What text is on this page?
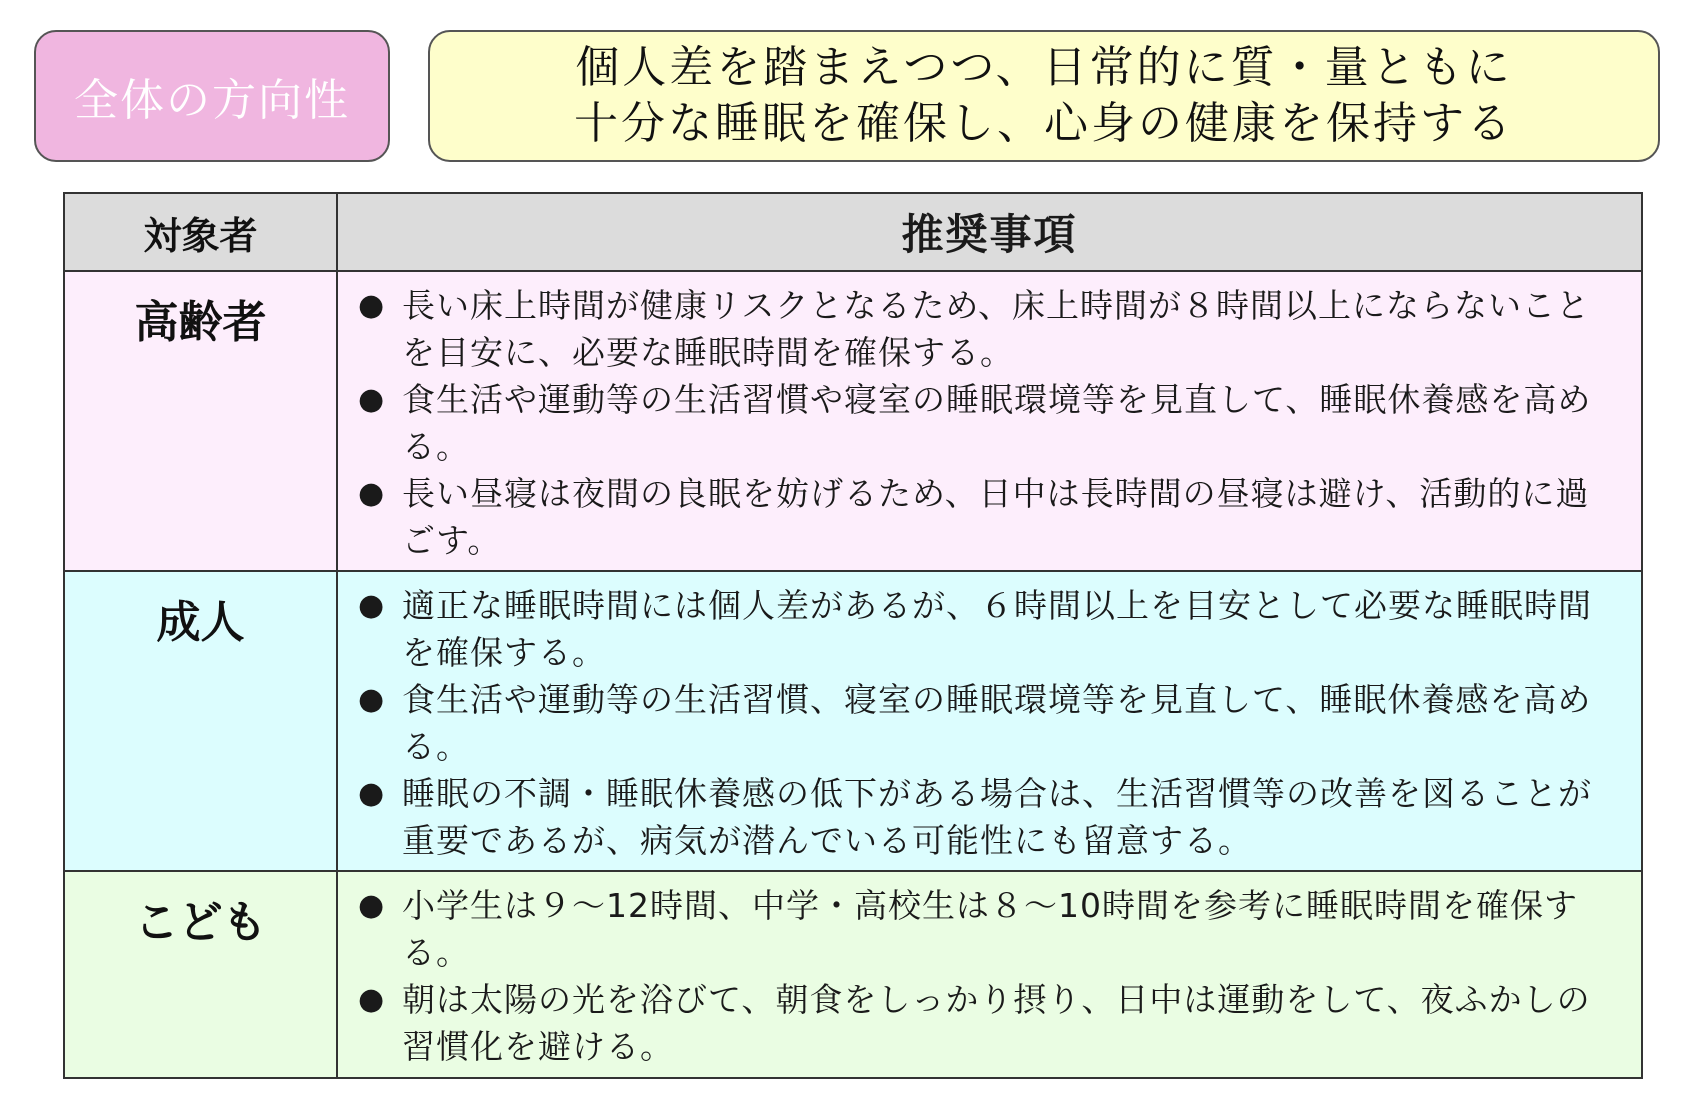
全体の方向性
個人差を踏まえつつ、日常的に質・量ともに
十分な睡眠を確保し、心身の健康を保持する
対象者	推奨事項
高齢者	● 長い床上時間が健康リスクとなるため、床上時間が８時間以上にならないことを目安に、必要な睡眠時間を確保する。
● 食生活や運動等の生活習慣や寝室の睡眠環境等を見直して、睡眠休養感を高める。
● 長い昼寝は夜間の良眠を妨げるため、日中は長時間の昼寝は避け、活動的に過ごす。
成人	● 適正な睡眠時間には個人差があるが、６時間以上を目安として必要な睡眠時間を確保する。
● 食生活や運動等の生活習慣、寝室の睡眠環境等を見直して、睡眠休養感を高める。
● 睡眠の不調・睡眠休養感の低下がある場合は、生活習慣等の改善を図ることが重要であるが、病気が潜んでいる可能性にも留意する。
こども	● 小学生は９～12時間、中学・高校生は８～10時間を参考に睡眠時間を確保する。
● 朝は太陽の光を浴びて、朝食をしっかり摂り、日中は運動をして、夜ふかしの習慣化を避ける。
